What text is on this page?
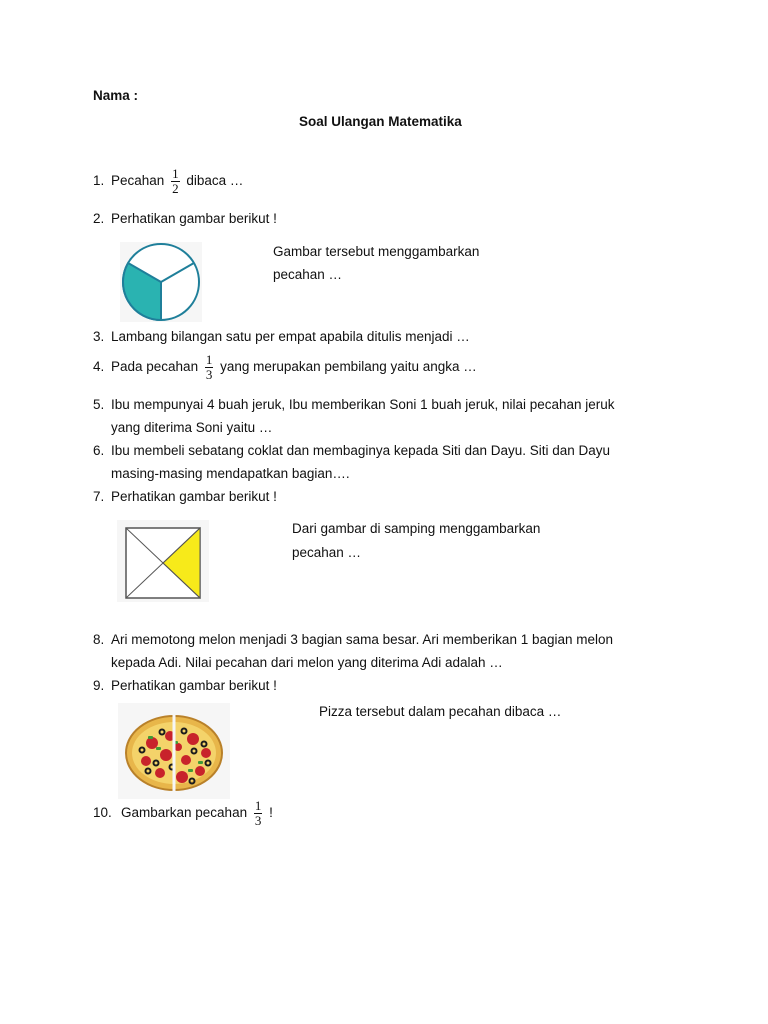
Nama :
Soal Ulangan Matematika
1. Pecahan $\frac{1}{2}$ dibaca …
2. Perhatikan gambar berikut !
Gambar tersebut menggambarkan
pecahan …
3. Lambang bilangan satu per empat apabila ditulis menjadi …
4. Pada pecahan $\frac{1}{3}$ yang merupakan pembilang yaitu angka …
5. Ibu mempunyai 4 buah jeruk, Ibu memberikan Soni 1 buah jeruk, nilai pecahan jeruk
yang diterima Soni yaitu …
6. Ibu membeli sebatang coklat dan membaginya kepada Siti dan Dayu. Siti dan Dayu
masing-masing mendapatkan bagian….
7. Perhatikan gambar berikut !
Dari gambar di samping menggambarkan
pecahan …
8. Ari memotong melon menjadi 3 bagian sama besar. Ari memberikan 1 bagian melon
kepada Adi. Nilai pecahan dari melon yang diterima Adi adalah …
9. Perhatikan gambar berikut !
Pizza tersebut dalam pecahan dibaca …
10. Gambarkan pecahan $\frac{1}{3}$ !
